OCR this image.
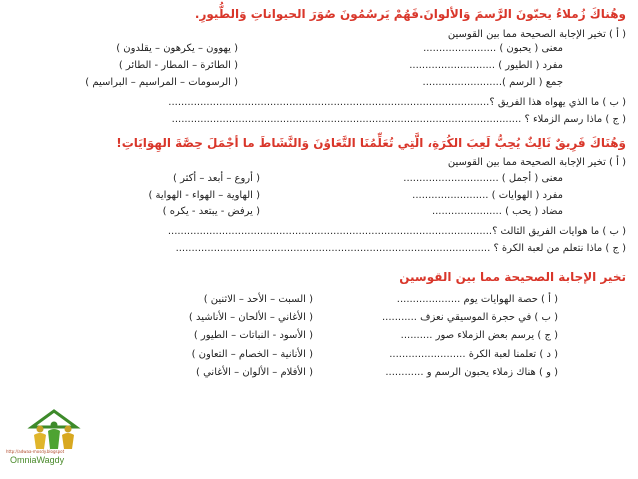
وهُناكَ زُملاءُ يحبّونَ الرَّسمَ وَالألوانَ.فَهُمْ يَرسُمُونَ صُوَرَ الحيواناتِ وَالطُّيورِ.
( أ ) تخير الإجابة الصحيحة مما بين القوسين
معنى ( يحبون ) .......................
( يهوون – يكرهون – يقلدون )
مفرد ( الطيور ) ...........................
( الطائرة – المطار - الطائر )
جمع ( الرسم ).........................
( الرسومات – المراسيم – البراسيم )
( ب ) ما الذي يهواه هذا الفريق ؟.....................................................................................................
( ج ) ماذا رسم الزملاء ؟ ..............................................................................................................
وَهُنَاكَ فَرِيقٌ ثَالِثٌ يُحِبُّ لَعِبَ الكُرَةِ، الَّتِي تُعَلِّمُنَا التَّعَاوُنَ وَالنَّشَاطَ ما أجْمَلَ حِصَّةَ الهِوَايَاتِ!
( أ ) تخير الإجابة الصحيحة مما بين القوسين
معنى ( أجمل ) ..............................
( أروع – أبعد – أكثر )
مفرد ( الهوايات ) ........................
( الهاوية – الهواء - الهواية )
مضاد ( يحب ) ......................
( يرفض - يبتعد - يكره )
( ب ) ما هوايات الفريق الثالث ؟......................................................................................................
( ج ) ماذا نتعلم من لعبة الكرة ؟ ...................................................................................................
تخير الإجابة الصحيحة مما بين القوسين
( أ ) حصة الهوايات يوم ....................
( السبت – الأحد – الاثنين )
( ب ) في حجرة الموسيقي نعزف ...........
( الأغاني – الألحان – الأناشيد )
( ج ) يرسم بعض الزملاء صور ..........
( الأسود - النباتات – الطيور )
( د ) تعلمنا لعبة الكرة ........................
( الأنانية – الخصام – التعاون )
( و ) هناك زملاء يحبون الرسم و ............
( الأفلام – الألوان – الأغاني )
http://adwaa-mosdy.blogspot
OmniaWagdy
